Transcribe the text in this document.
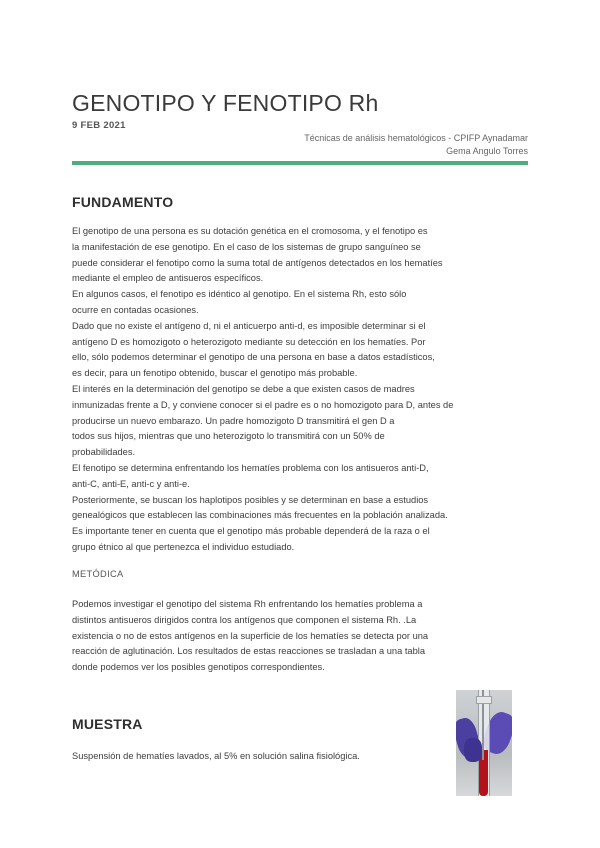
GENOTIPO Y FENOTIPO Rh
9 FEB 2021
Técnicas de análisis hematológicos - CPIFP Aynadamar
Gema Angulo Torres
FUNDAMENTO
El genotipo de una persona es su dotación genética en el cromosoma, y el fenotipo es
la manifestación de ese genotipo. En el caso de los sistemas de grupo sanguíneo se
puede considerar el fenotipo como la suma total de antígenos detectados en los hematíes
mediante el empleo de antisueros específicos.
En algunos casos, el fenotipo es idéntico al genotipo. En el sistema Rh, esto sólo
ocurre en contadas ocasiones.
Dado que no existe el antígeno d, ni el anticuerpo anti-d, es imposible determinar si el
antígeno D es homozigoto o heterozigoto mediante su detección en los hematíes. Por
ello, sólo podemos determinar el genotipo de una persona en base a datos estadísticos,
es decir, para un fenotipo obtenido, buscar el genotipo más probable.
El interés en la determinación del genotipo se debe a que existen casos de madres
inmunizadas frente a D, y conviene conocer si el padre es o no homozigoto para D, antes de
producirse un nuevo embarazo. Un padre homozigoto D transmitirá el gen D a
todos sus hijos, mientras que uno heterozigoto lo transmitirá con un 50% de
probabilidades.
El fenotipo se determina enfrentando los hematíes problema con los antisueros anti-D,
anti-C, anti-E, anti-c y anti-e.
Posteriormente, se buscan los haplotipos posibles y se determinan en base a estudios
genealógicos que establecen las combinaciones más frecuentes en la población analizada.
Es importante tener en cuenta que el genotipo más probable dependerá de la raza o el
grupo étnico al que pertenezca el individuo estudiado.
METÓDICA
Podemos investigar el genotipo del sistema Rh enfrentando los hematíes problema a
distintos antisueros dirigidos contra los antígenos que componen el sistema Rh. .La
existencia o no de estos antígenos en la superficie de los hematíes se detecta por una
reacción de aglutinación. Los resultados de estas reacciones se trasladan a una tabla
donde podemos ver los posibles genotipos correspondientes.
MUESTRA
Suspensión de hematíes lavados, al 5% en solución salina fisiológica.
